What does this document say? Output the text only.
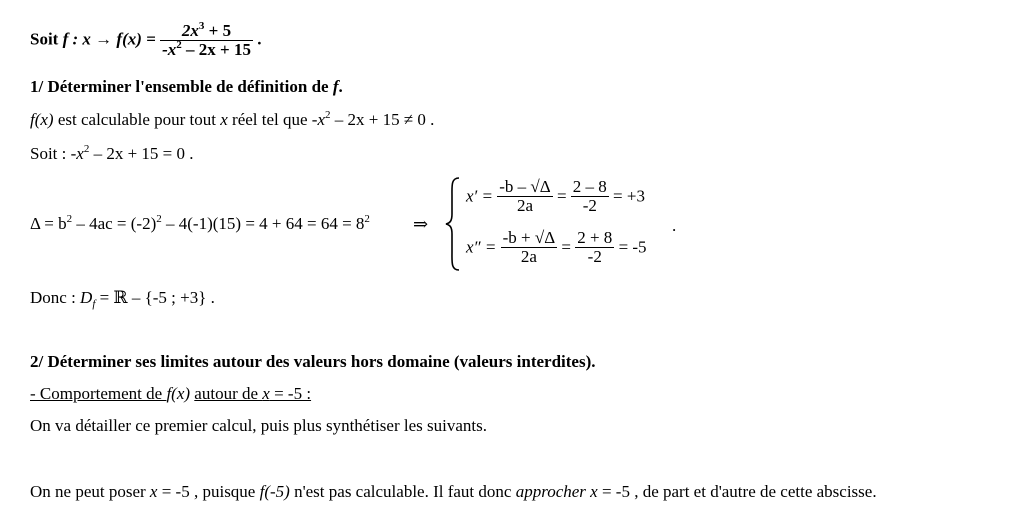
Soit f : $x \to f(x) = \frac{2x^3 + 5}{-x^2 - 2x + 15}$ .
1/ Déterminer l'ensemble de définition de f.
f(x) est calculable pour tout x réel tel que $-x^2 - 2x + 15 \ne 0$ .
Soit : $-x^2 - 2x + 15 = 0$ .
$\Delta = b^2 - 4ac = (-2)^2 - 4(-1)(15) = 4 + 64 = 64 = 8^2$ ⇒
$x' = \frac{-b - √\Delta}{2a} = \frac{2 - 8}{-2} = +3$
$x'' = \frac{-b + √\Delta}{2a} = \frac{2 + 8}{-2} = -5$
.
Donc : $D_f$ = ℝ – {-5 ; +3} .
2/ Déterminer ses limites autour des valeurs hors domaine (valeurs interdites).
- Comportement de f(x) autour de x = -5 :
On va détailler ce premier calcul, puis plus synthétiser les suivants.
On ne peut poser x = -5 , puisque f(-5) n'est pas calculable. Il faut donc approcher x = -5 , de part et d'autre de cette abscisse.
